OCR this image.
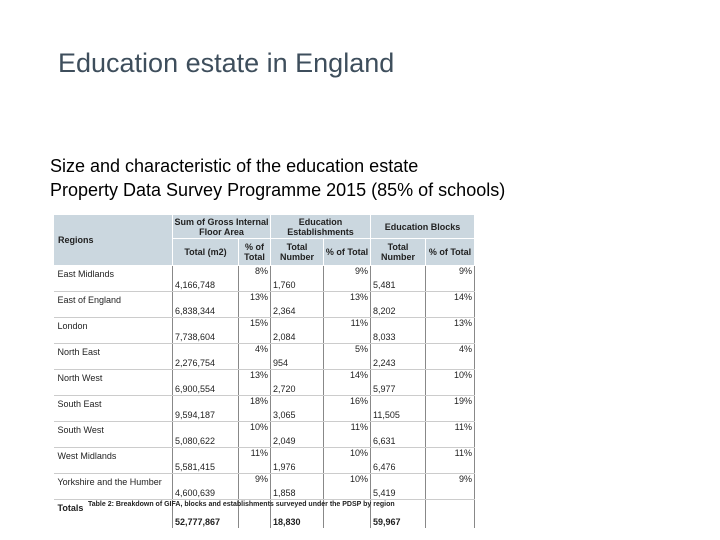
Education estate in England
Size and characteristic of the education estate
Property Data Survey Programme 2015 (85% of schools)
Regions	Sum of Gross Internal Floor Area		Education Establishments		Education Blocks	
	Total (m2)	% of Total	Total Number	% of Total	Total Number	% of Total
East Midlands	4,166,748	8%	1,760	9%	5,481	9%
East of England	6,838,344	13%	2,364	13%	8,202	14%
London	7,738,604	15%	2,084	11%	8,033	13%
North East	2,276,754	4%	954	5%	2,243	4%
North West	6,900,554	13%	2,720	14%	5,977	10%
South East	9,594,187	18%	3,065	16%	11,505	19%
South West	5,080,622	10%	2,049	11%	6,631	11%
West Midlands	5,581,415	11%	1,976	10%	6,476	11%
Yorkshire and the Humber	4,600,639	9%	1,858	10%	5,419	9%
Totals	52,777,867		18,830		59,967	
Table 2: Breakdown of GIFA, blocks and establishments surveyed under the PDSP by region
